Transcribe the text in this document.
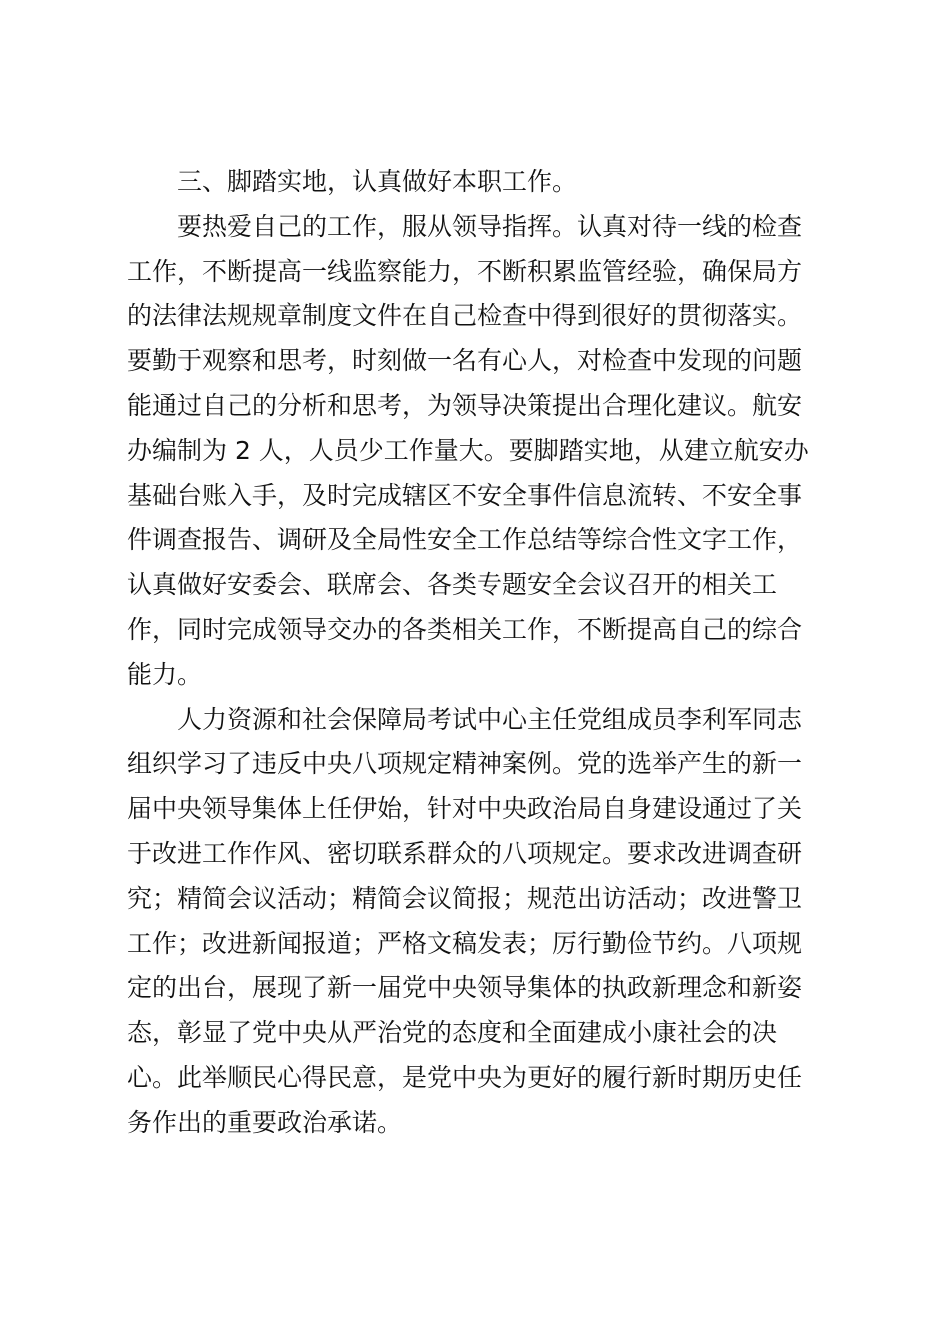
三、脚踏实地，认真做好本职工作。

要热爱自己的工作，服从领导指挥。认真对待一线的检查
工作，不断提高一线监察能力，不断积累监管经验，确保局方
的法律法规规章制度文件在自己检查中得到很好的贯彻落实。
要勤于观察和思考，时刻做一名有心人，对检查中发现的问题
能通过自己的分析和思考，为领导决策提出合理化建议。航安
办编制为 2 人，人员少工作量大。要脚踏实地，从建立航安办
基础台账入手，及时完成辖区不安全事件信息流转、不安全事
件调查报告、调研及全局性安全工作总结等综合性文字工作，
认真做好安委会、联席会、各类专题安全会议召开的相关工
作，同时完成领导交办的各类相关工作，不断提高自己的综合
能力。

人力资源和社会保障局考试中心主任党组成员李利军同志
组织学习了违反中央八项规定精神案例。党的选举产生的新一
届中央领导集体上任伊始，针对中央政治局自身建设通过了关
于改进工作作风、密切联系群众的八项规定。要求改进调查研
究；精简会议活动；精简会议简报；规范出访活动；改进警卫
工作；改进新闻报道；严格文稿发表；厉行勤俭节约。八项规
定的出台，展现了新一届党中央领导集体的执政新理念和新姿
态，彰显了党中央从严治党的态度和全面建成小康社会的决
心。此举顺民心得民意，是党中央为更好的履行新时期历史任
务作出的重要政治承诺。
